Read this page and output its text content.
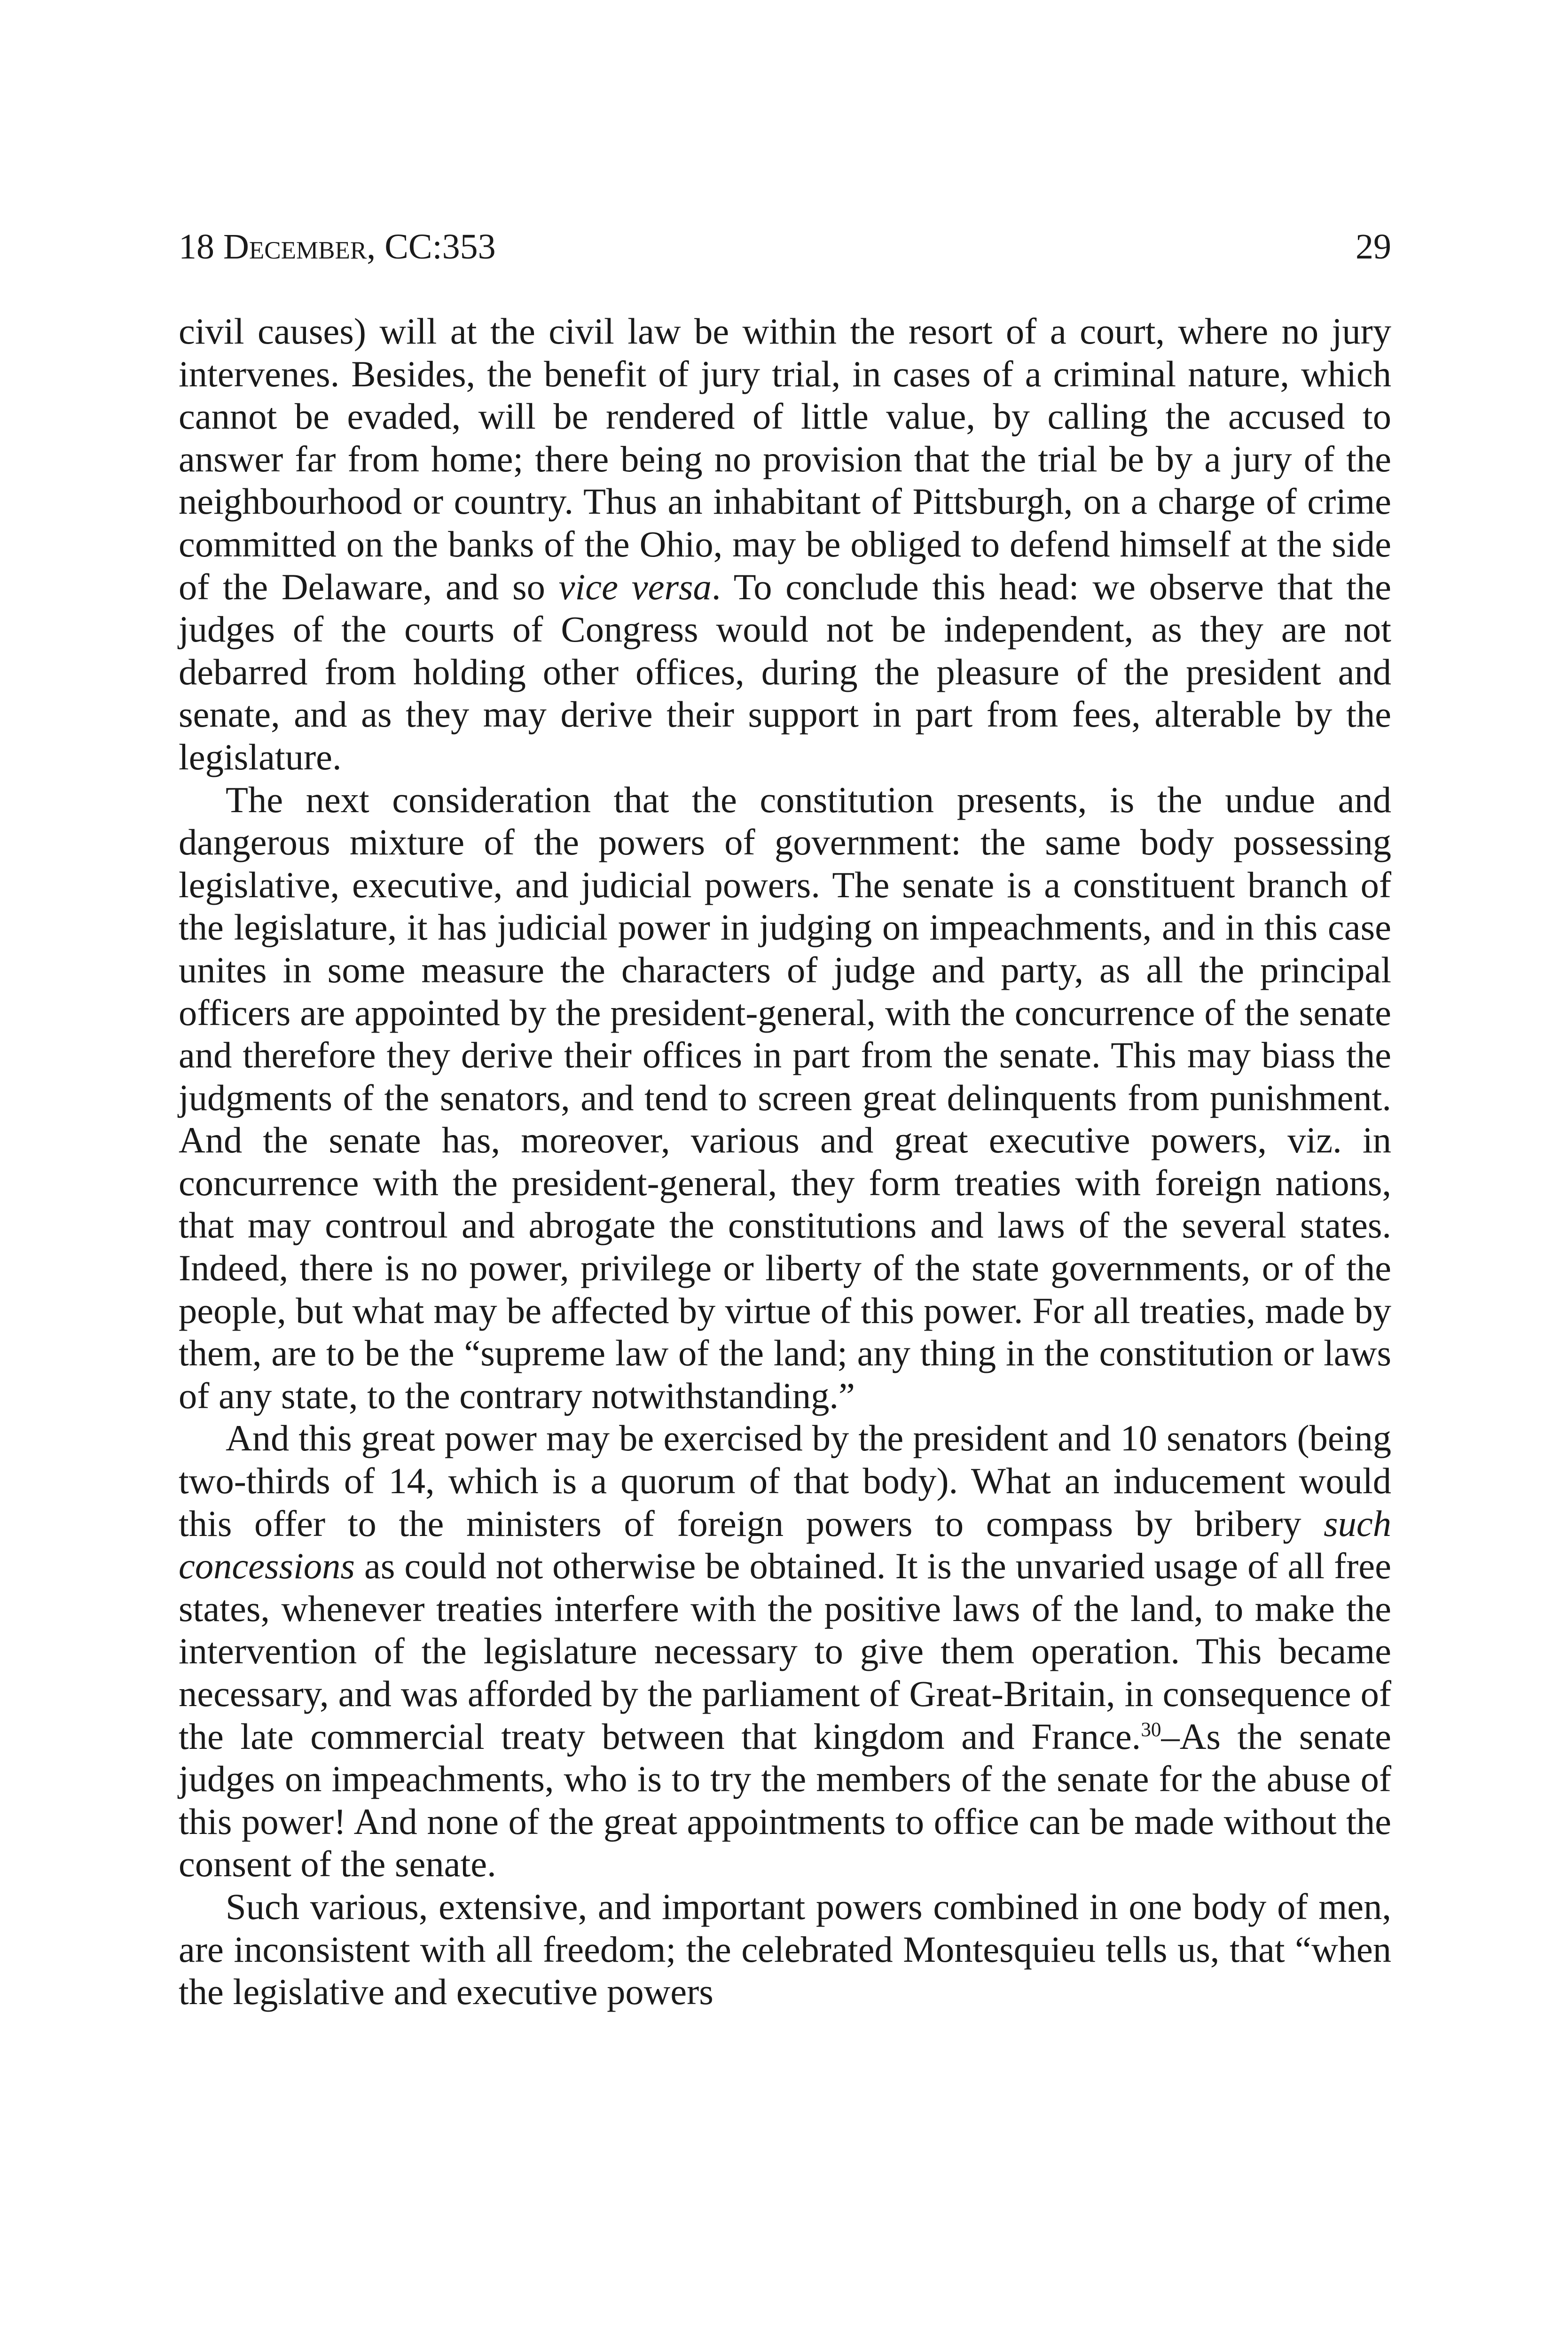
18 December, CC:353	29

civil causes) will at the civil law be within the resort of a court, where no jury intervenes. Besides, the benefit of jury trial, in cases of a criminal nature, which cannot be evaded, will be rendered of little value, by calling the accused to answer far from home; there being no provision that the trial be by a jury of the neighbourhood or country. Thus an inhabitant of Pittsburgh, on a charge of crime committed on the banks of the Ohio, may be obliged to defend himself at the side of the Delaware, and so vice versa. To conclude this head: we observe that the judges of the courts of Congress would not be independent, as they are not debarred from holding other offices, during the pleasure of the president and senate, and as they may derive their support in part from fees, alterable by the legislature.

The next consideration that the constitution presents, is the undue and dangerous mixture of the powers of government: the same body possessing legislative, executive, and judicial powers. The senate is a constituent branch of the legislature, it has judicial power in judging on impeachments, and in this case unites in some measure the characters of judge and party, as all the principal officers are appointed by the president-general, with the concurrence of the senate and therefore they derive their offices in part from the senate. This may biass the judgments of the senators, and tend to screen great delinquents from punishment. And the senate has, moreover, various and great executive powers, viz. in concurrence with the president-general, they form treaties with foreign nations, that may controul and abrogate the constitutions and laws of the several states. Indeed, there is no power, privilege or liberty of the state governments, or of the people, but what may be affected by virtue of this power. For all treaties, made by them, are to be the “supreme law of the land; any thing in the constitution or laws of any state, to the contrary notwithstanding.”

And this great power may be exercised by the president and 10 senators (being two-thirds of 14, which is a quorum of that body). What an inducement would this offer to the ministers of foreign powers to compass by bribery such concessions as could not otherwise be obtained. It is the unvaried usage of all free states, whenever treaties interfere with the positive laws of the land, to make the intervention of the legislature necessary to give them operation. This became necessary, and was afforded by the parliament of Great-Britain, in consequence of the late commercial treaty between that kingdom and France.$^{30}$–As the senate judges on impeachments, who is to try the members of the senate for the abuse of this power! And none of the great appointments to office can be made without the consent of the senate.

Such various, extensive, and important powers combined in one body of men, are inconsistent with all freedom; the celebrated Montesquieu tells us, that “when the legislative and executive powers
